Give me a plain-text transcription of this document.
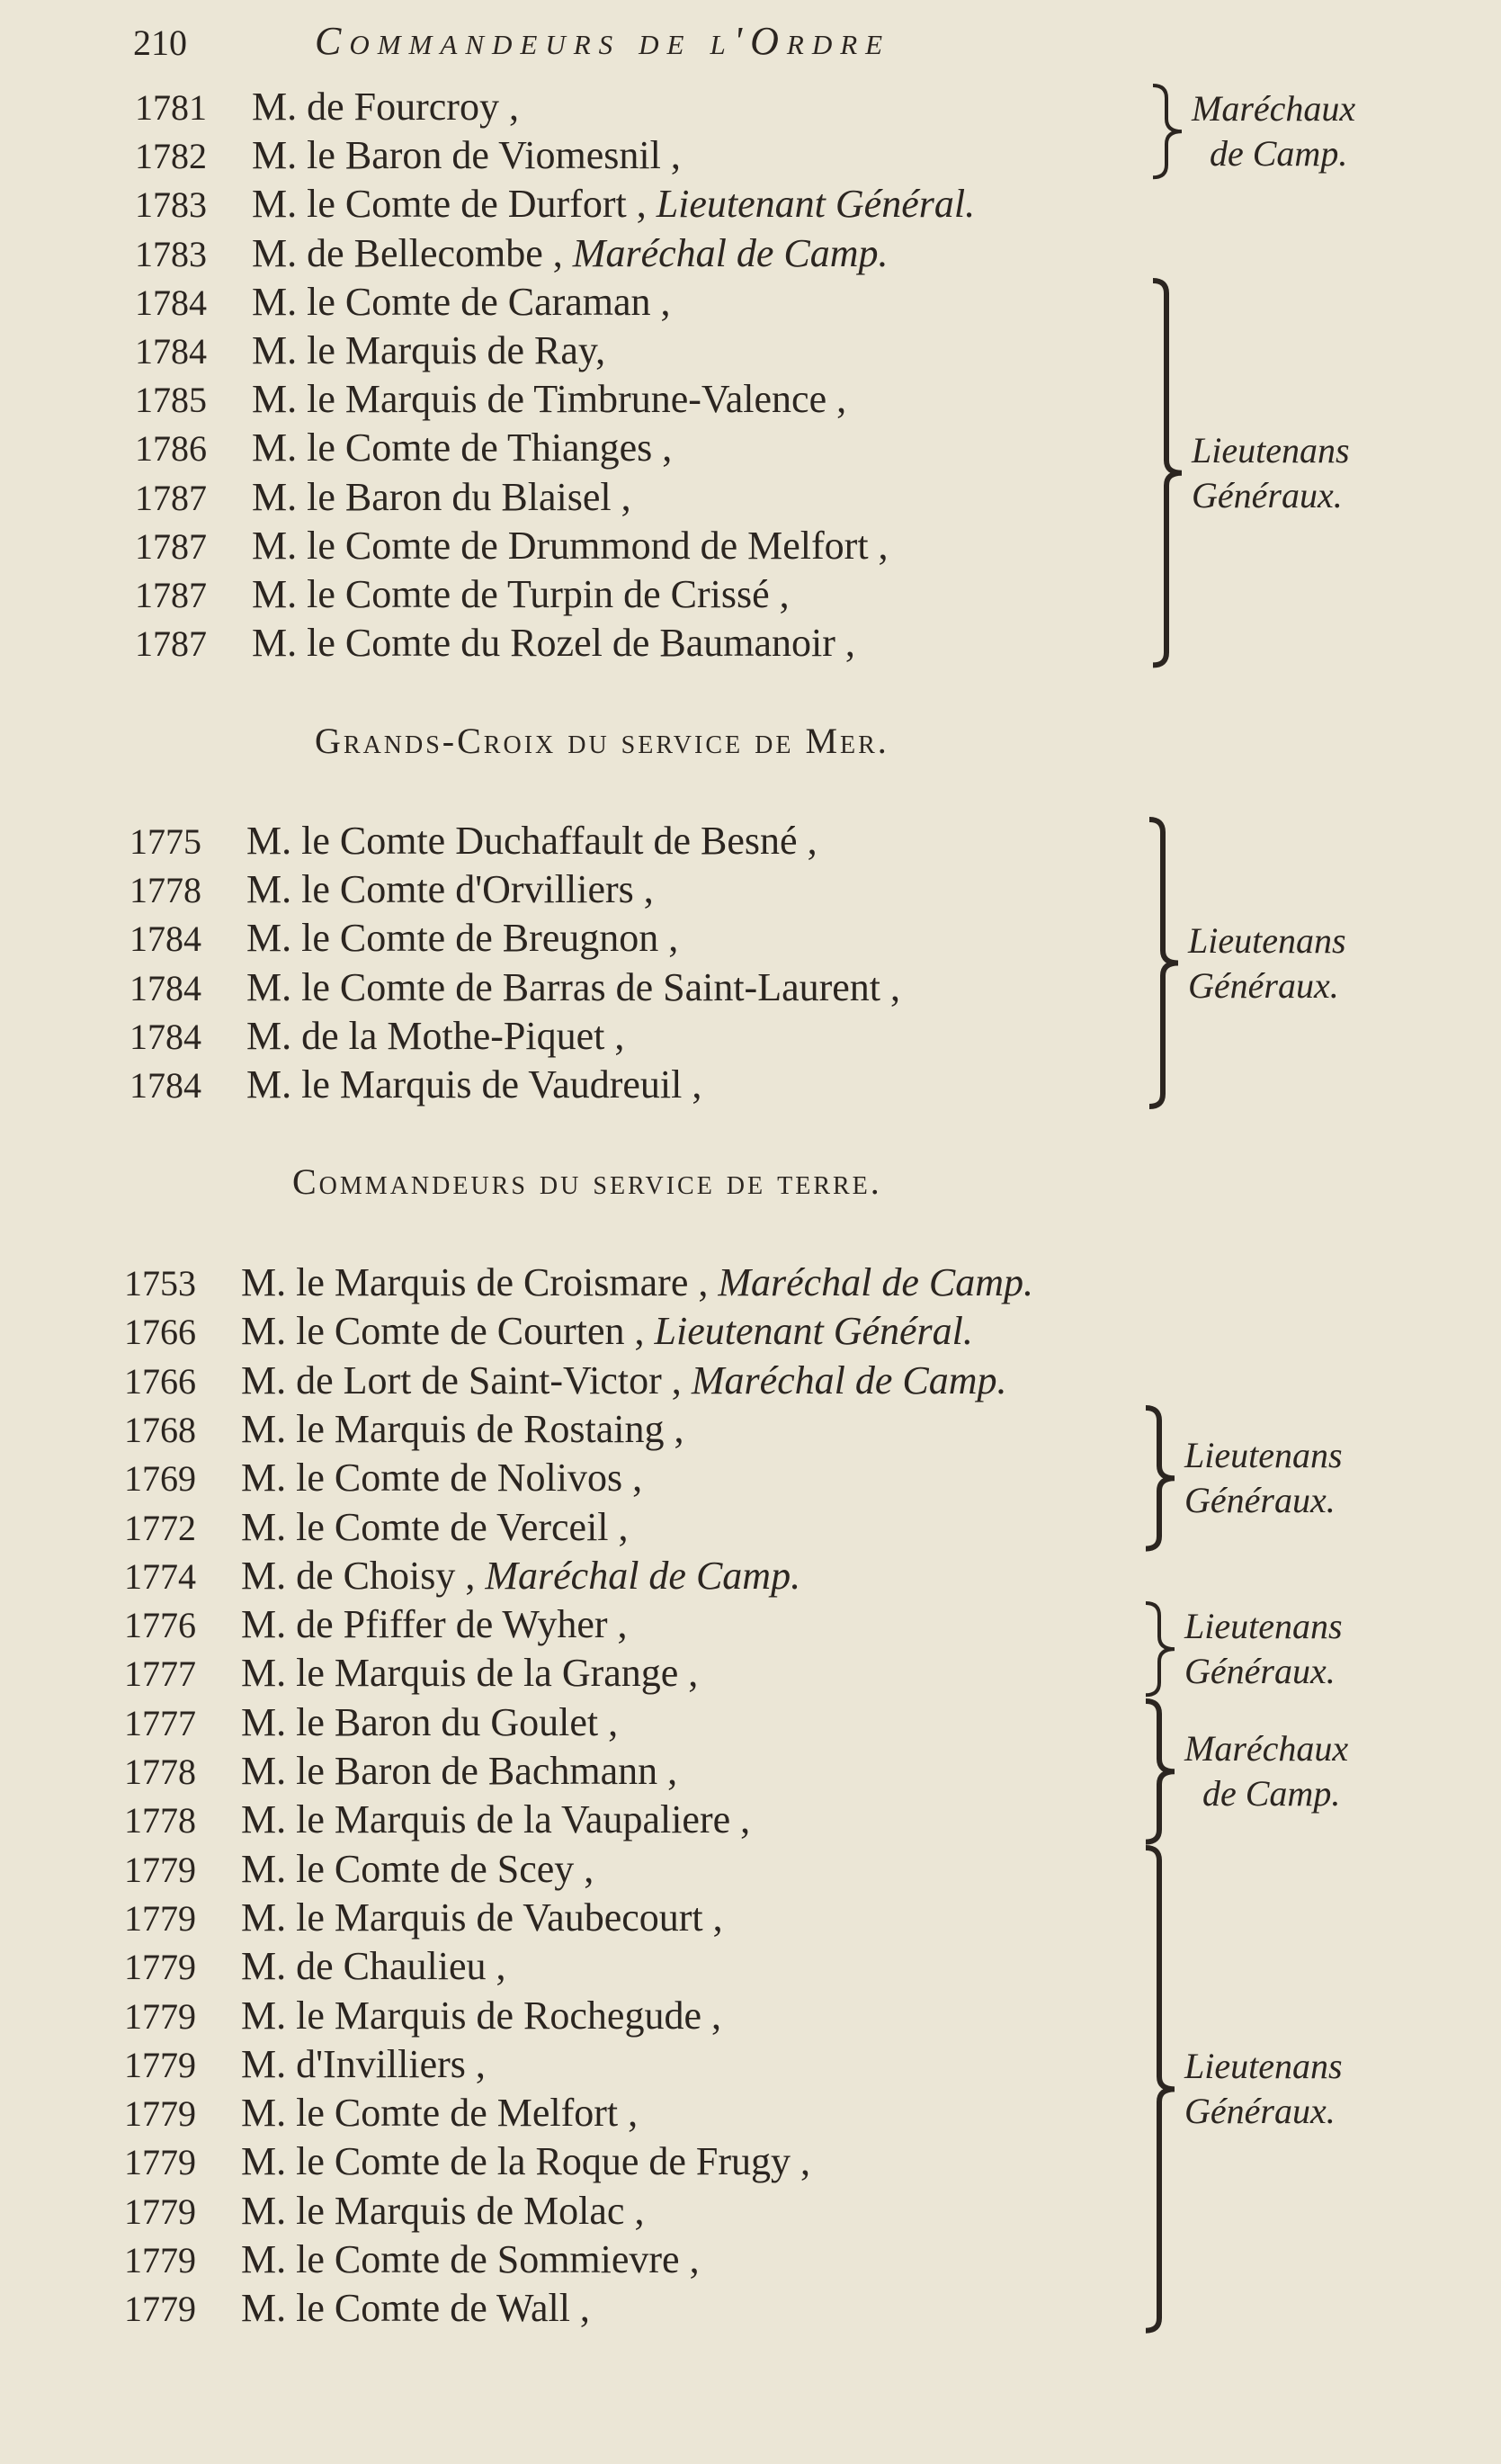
210	Commandeurs de l'Ordre
1781 M. de Fourcroy ,
1782 M. le Baron de Viomesnil ,
1783 M. le Comte de Durfort , Lieutenant Général.
1783 M. de Bellecombe , Maréchal de Camp.
1784 M. le Comte de Caraman ,
1784 M. le Marquis de Ray,
1785 M. le Marquis de Timbrune-Valence ,
1786 M. le Comte de Thianges ,
1787 M. le Baron du Blaisel ,
1787 M. le Comte de Drummond de Melfort ,
1787 M. le Comte de Turpin de Crissé ,
1787 M. le Comte du Rozel de Baumanoir ,
Maréchaux
de Camp.
Lieutenans
Généraux.
Grands-Croix du service de Mer.
1775 M. le Comte Duchaffault de Besné ,
1778 M. le Comte d'Orvilliers ,
1784 M. le Comte de Breugnon ,
1784 M. le Comte de Barras de Saint-Laurent ,
1784 M. de la Mothe-Piquet ,
1784 M. le Marquis de Vaudreuil ,
Lieutenans
Généraux.
Commandeurs du service de terre.
1753 M. le Marquis de Croismare , Maréchal de Camp.
1766 M. le Comte de Courten , Lieutenant Général.
1766 M. de Lort de Saint-Victor , Maréchal de Camp.
1768 M. le Marquis de Rostaing ,
1769 M. le Comte de Nolivos ,
1772 M. le Comte de Verceil ,
1774 M. de Choisy , Maréchal de Camp.
1776 M. de Pfiffer de Wyher ,
1777 M. le Marquis de la Grange ,
1777 M. le Baron du Goulet ,
1778 M. le Baron de Bachmann ,
1778 M. le Marquis de la Vaupaliere ,
1779 M. le Comte de Scey ,
1779 M. le Marquis de Vaubecourt ,
1779 M. de Chaulieu ,
1779 M. le Marquis de Rochegude ,
1779 M. d'Invilliers ,
1779 M. le Comte de Melfort ,
1779 M. le Comte de la Roque de Frugy ,
1779 M. le Marquis de Molac ,
1779 M. le Comte de Sommievre ,
1779 M. le Comte de Wall ,
Lieutenans
Généraux.
Lieutenans
Généraux.
Maréchaux
de Camp.
Lieutenans
Généraux.
